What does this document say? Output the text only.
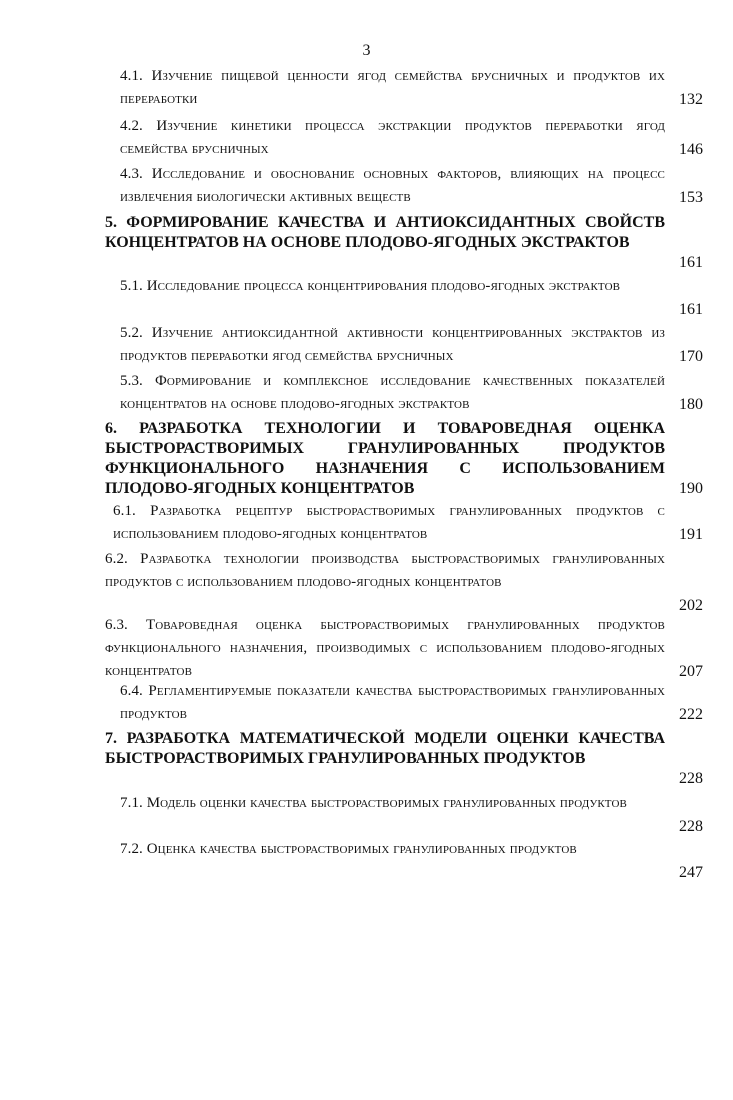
3
4.1. Изучение пищевой ценности ягод семейства брусничных и продуктов их переработки	132
4.2. Изучение кинетики процесса экстракции продуктов переработки ягод семейства брусничных	146
4.3. Исследование и обоснование основных факторов, влияющих на процесс извлечения биологически активных веществ	153
5. ФОРМИРОВАНИЕ КАЧЕСТВА И АНТИОКСИДАНТНЫХ СВОЙСТВ КОНЦЕНТРАТОВ НА ОСНОВЕ ПЛОДОВО-ЯГОДНЫХ ЭКСТРАКТОВ
161
5.1. Исследование процесса концентрирования плодово-ягодных экстрактов
161
5.2. Изучение антиоксидантной активности концентрированных экстрактов из продуктов переработки ягод семейства брусничных	170
5.3. Формирование и комплексное исследование качественных показателей концентратов на основе плодово-ягодных экстрактов	180
6. РАЗРАБОТКА ТЕХНОЛОГИИ И ТОВАРОВЕДНАЯ ОЦЕНКА БЫСТРОРАСТВОРИМЫХ ГРАНУЛИРОВАННЫХ ПРОДУКТОВ ФУНКЦИОНАЛЬНОГО НАЗНАЧЕНИЯ С ИСПОЛЬЗОВАНИЕМ ПЛОДОВО-ЯГОДНЫХ КОНЦЕНТРАТОВ	190
6.1. Разработка рецептур быстрорастворимых гранулированных продуктов с использованием плодово-ягодных концентратов	191
6.2. Разработка технологии производства быстрорастворимых гранулированных продуктов с использованием плодово-ягодных концентратов
202
6.3. Товароведная оценка быстрорастворимых гранулированных продуктов функционального назначения, производимых с использованием плодово-ягодных концентратов	207
6.4. Регламентируемые показатели качества быстрорастворимых гранулированных продуктов	222
7. РАЗРАБОТКА МАТЕМАТИЧЕСКОЙ МОДЕЛИ ОЦЕНКИ КАЧЕСТВА БЫСТРОРАСТВОРИМЫХ ГРАНУЛИРОВАННЫХ ПРОДУКТОВ
228
7.1. Модель оценки качества быстрорастворимых гранулированных продуктов
228
7.2. Оценка качества быстрорастворимых гранулированных продуктов
247
